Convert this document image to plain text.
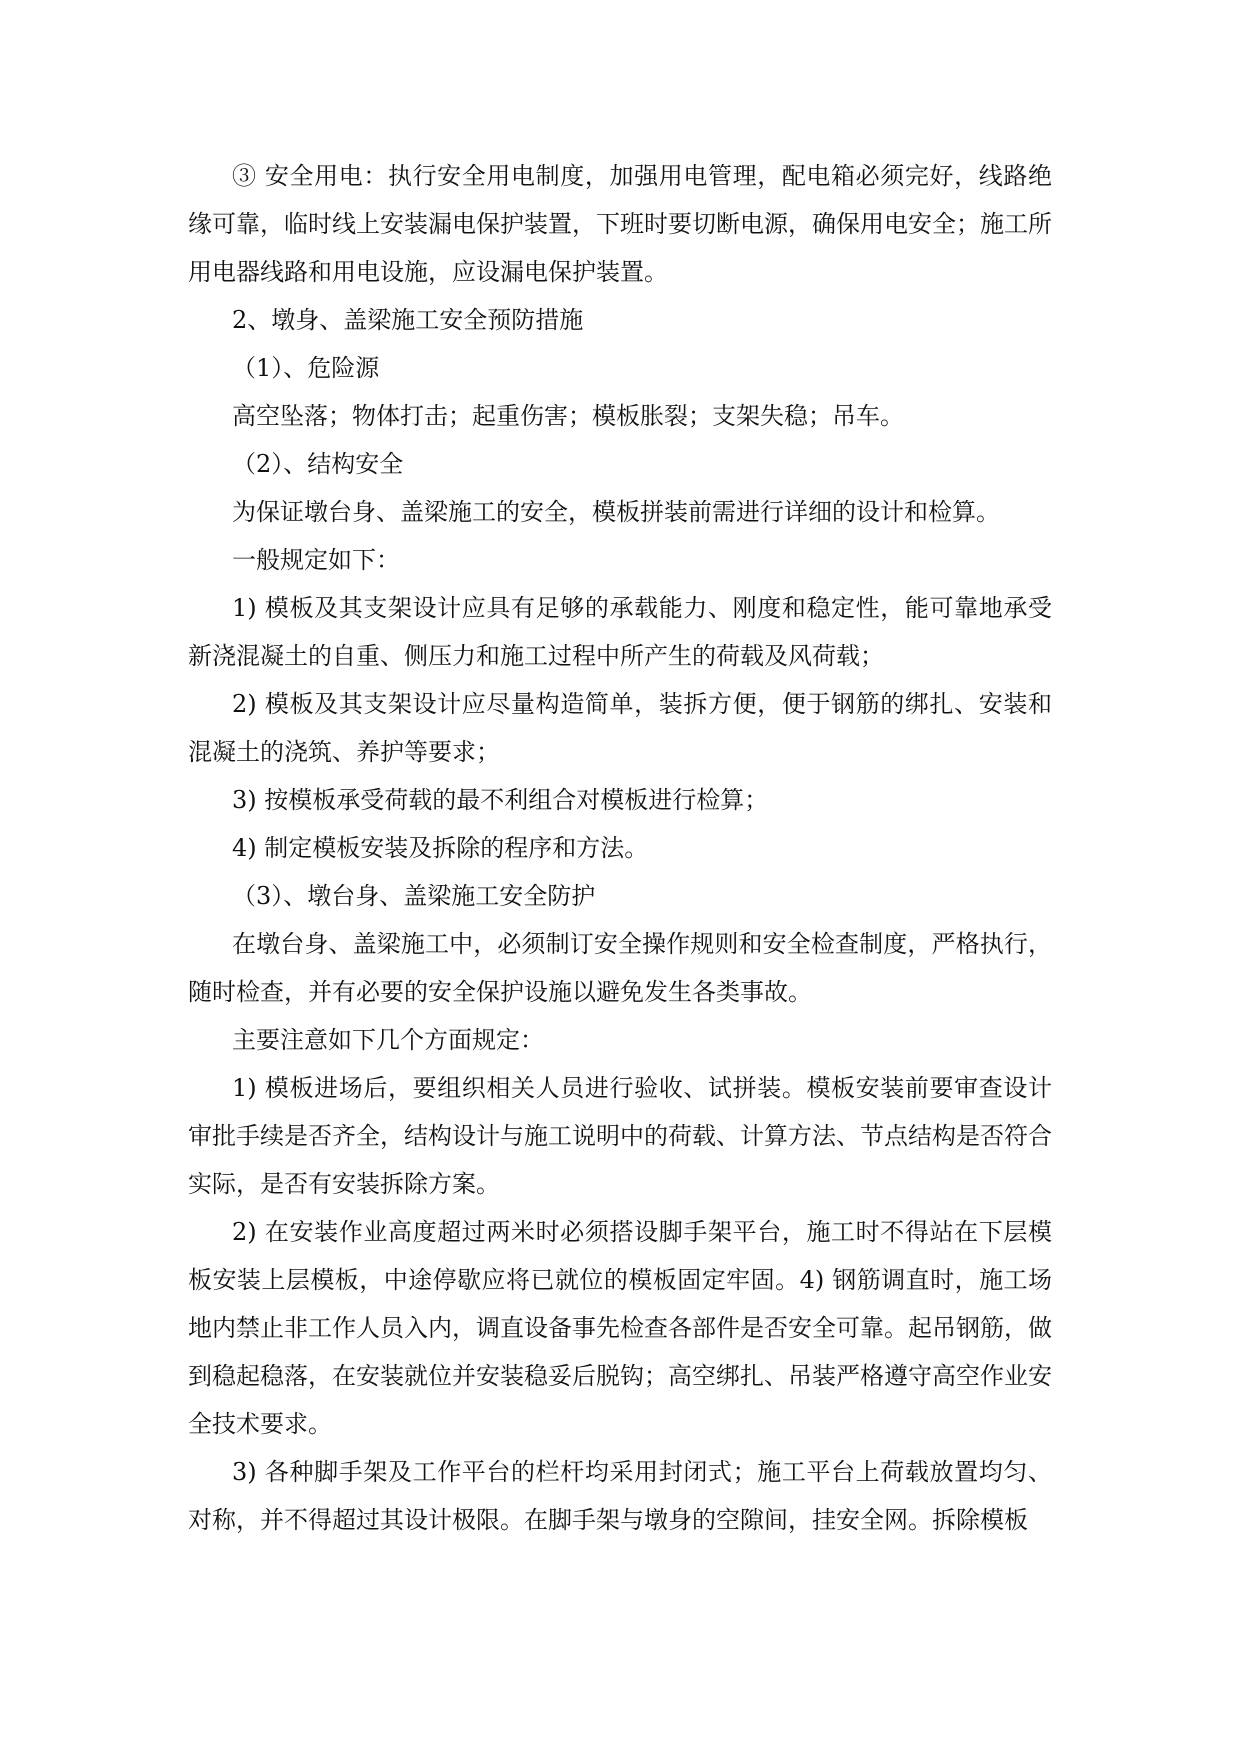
③ 安全用电：执行安全用电制度，加强用电管理，配电箱必须完好，线路绝缘可靠，临时线上安装漏电保护装置，下班时要切断电源，确保用电安全；施工所用电器线路和用电设施，应设漏电保护装置。

2、墩身、盖梁施工安全预防措施

（1）、危险源

高空坠落；物体打击；起重伤害；模板胀裂；支架失稳；吊车。

（2）、结构安全

为保证墩台身、盖梁施工的安全，模板拼装前需进行详细的设计和检算。

一般规定如下：

1) 模板及其支架设计应具有足够的承载能力、刚度和稳定性，能可靠地承受新浇混凝土的自重、侧压力和施工过程中所产生的荷载及风荷载；

2) 模板及其支架设计应尽量构造简单，装拆方便，便于钢筋的绑扎、安装和混凝土的浇筑、养护等要求；

3) 按模板承受荷载的最不利组合对模板进行检算；

4) 制定模板安装及拆除的程序和方法。

（3）、墩台身、盖梁施工安全防护

在墩台身、盖梁施工中，必须制订安全操作规则和安全检查制度，严格执行，随时检查，并有必要的安全保护设施以避免发生各类事故。

主要注意如下几个方面规定：

1) 模板进场后，要组织相关人员进行验收、试拼装。模板安装前要审查设计审批手续是否齐全，结构设计与施工说明中的荷载、计算方法、节点结构是否符合实际，是否有安装拆除方案。

2) 在安装作业高度超过两米时必须搭设脚手架平台，施工时不得站在下层模板安装上层模板，中途停歇应将已就位的模板固定牢固。4) 钢筋调直时，施工场地内禁止非工作人员入内，调直设备事先检查各部件是否安全可靠。起吊钢筋，做到稳起稳落，在安装就位并安装稳妥后脱钩；高空绑扎、吊装严格遵守高空作业安全技术要求。

3) 各种脚手架及工作平台的栏杆均采用封闭式；施工平台上荷载放置均匀、对称，并不得超过其设计极限。在脚手架与墩身的空隙间，挂安全网。拆除模板
